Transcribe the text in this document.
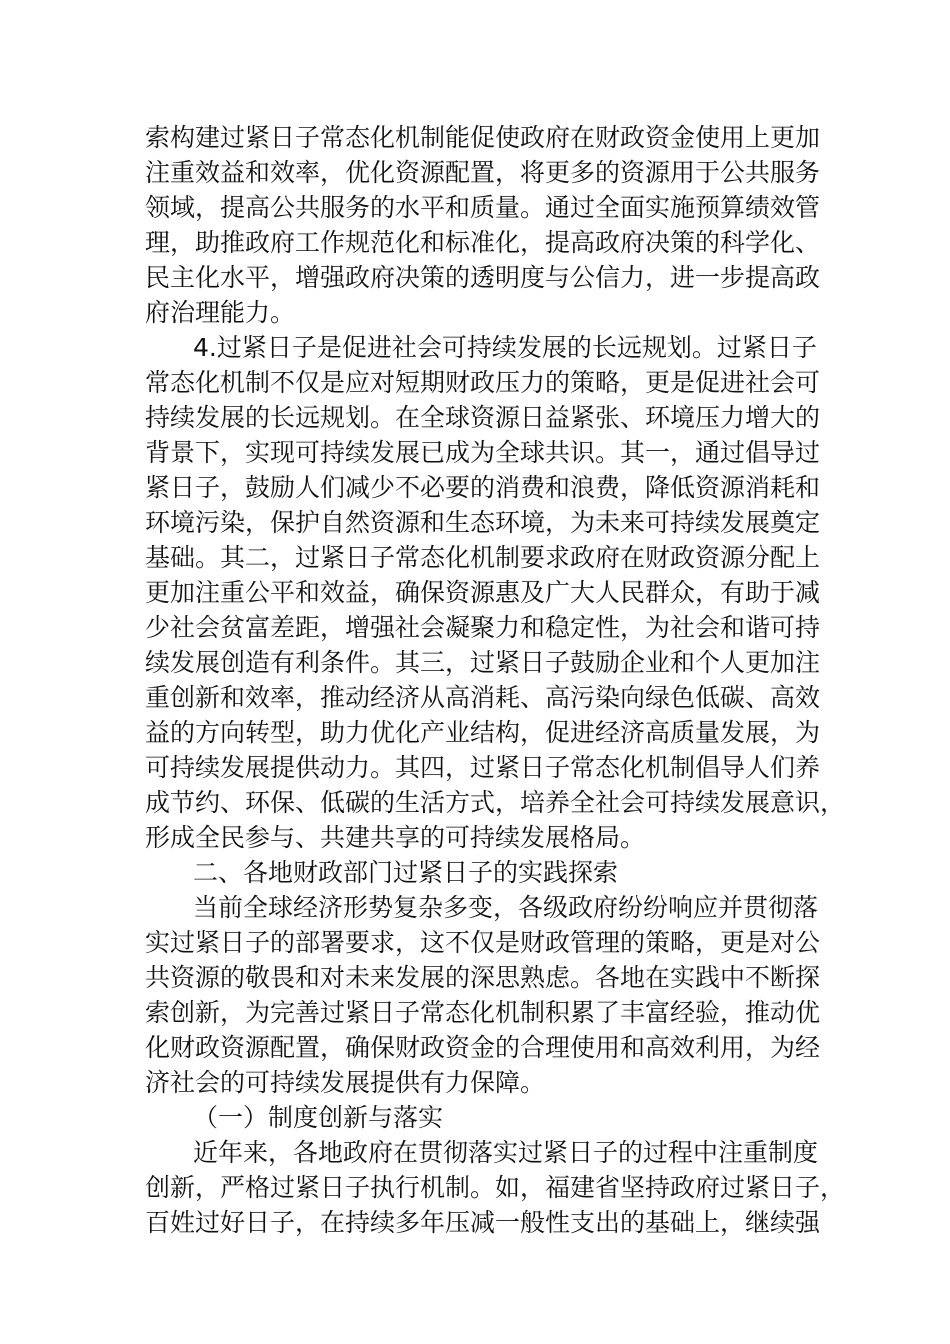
索构建过紧日子常态化机制能促使政府在财政资金使用上更加
注重效益和效率，优化资源配置，将更多的资源用于公共服务
领域，提高公共服务的水平和质量。通过全面实施预算绩效管
理，助推政府工作规范化和标准化，提高政府决策的科学化、
民主化水平，增强政府决策的透明度与公信力，进一步提高政
府治理能力。
4.过紧日子是促进社会可持续发展的长远规划。过紧日子
常态化机制不仅是应对短期财政压力的策略，更是促进社会可
持续发展的长远规划。在全球资源日益紧张、环境压力增大的
背景下，实现可持续发展已成为全球共识。其一，通过倡导过
紧日子，鼓励人们减少不必要的消费和浪费，降低资源消耗和
环境污染，保护自然资源和生态环境，为未来可持续发展奠定
基础。其二，过紧日子常态化机制要求政府在财政资源分配上
更加注重公平和效益，确保资源惠及广大人民群众，有助于减
少社会贫富差距，增强社会凝聚力和稳定性，为社会和谐可持
续发展创造有利条件。其三，过紧日子鼓励企业和个人更加注
重创新和效率，推动经济从高消耗、高污染向绿色低碳、高效
益的方向转型，助力优化产业结构，促进经济高质量发展，为
可持续发展提供动力。其四，过紧日子常态化机制倡导人们养
成节约、环保、低碳的生活方式，培养全社会可持续发展意识，
形成全民参与、共建共享的可持续发展格局。
二、各地财政部门过紧日子的实践探索
当前全球经济形势复杂多变，各级政府纷纷响应并贯彻落
实过紧日子的部署要求，这不仅是财政管理的策略，更是对公
共资源的敬畏和对未来发展的深思熟虑。各地在实践中不断探
索创新，为完善过紧日子常态化机制积累了丰富经验，推动优
化财政资源配置，确保财政资金的合理使用和高效利用，为经
济社会的可持续发展提供有力保障。
（一）制度创新与落实
近年来，各地政府在贯彻落实过紧日子的过程中注重制度
创新，严格过紧日子执行机制。如，福建省坚持政府过紧日子，
百姓过好日子，在持续多年压减一般性支出的基础上，继续强
